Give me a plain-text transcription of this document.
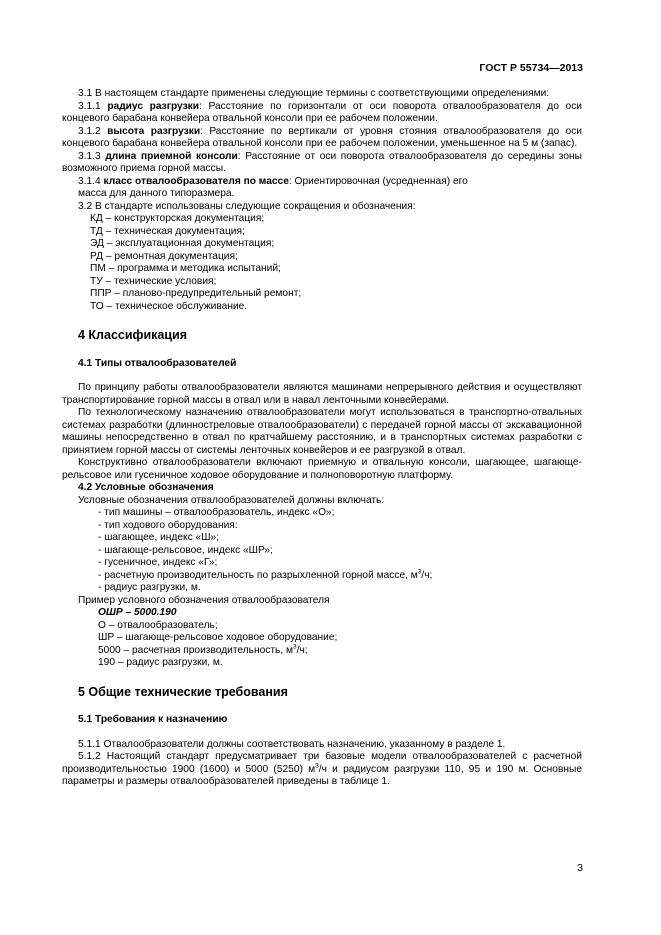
ГОСТ Р 55734—2013

3.1 В настоящем стандарте применены следующие термины с соответствующими определениями:

3.1.1 радиус разгрузки: Расстояние по горизонтали от оси поворота отвалообразователя до оси концевого барабана конвейера отвальной консоли при ее рабочем положении.

3.1.2 высота разгрузки: Расстояние по вертикали от уровня стояния отвалообразователя до оси концевого барабана конвейера отвальной консоли при ее рабочем положении, уменьшенное на 5 м (запас).

3.1.3 длина приемной консоли: Расстояние от оси поворота отвалообразователя до середины зоны возможного приема горной массы.

3.1.4 класс отвалообразователя по массе: Ориентировочная (усредненная) его

масса для данного типоразмера.

3.2 В стандарте использованы следующие сокращения и обозначения:

КД – конструкторская документация;

ТД – техническая документация;

ЭД – эксплуатационная документация;

РД – ремонтная документация;

ПМ – программа и методика испытаний;

ТУ – технические условия;

ППР – планово-предупредительный ремонт;

ТО – техническое обслуживание.

4 Классификация
4.1 Типы отвалообразователей

По принципу работы отвалообразователи являются машинами непрерывного действия и осуществляют транспортирование горной массы в отвал или в навал ленточными конвейерами.

По технологическому назначению отвалообразователи могут использоваться в транспортно-отвальных системах разработки (длинностреловые отвалообразователи) с передачей горной массы от экскавационной машины непосредственно в отвал по кратчайшему расстоянию, и в транспортных системах разработки с принятием горной массы от системы ленточных конвейеров и ее разгрузкой в отвал.

Конструктивно отвалообразователи включают приемную и отвальную консоли, шагающее, шагающе-рельсовое или гусеничное ходовое оборудование и полноповоротную платформу.

4.2 Условные обозначения

Условные обозначения отвалообразователей должны включать:

- тип машины – отвалообразователь, индекс «О»;

- тип ходового оборудования:

- шагающее, индекс «Ш»;

- шагающе-рельсовое, индекс «ШР»;

- гусеничное, индекс «Г»;

- расчетную производительность по разрыхленной горной массе, $м^3/ч$;

- радиус разгрузки, м.

Пример условного обозначения отвалообразователя

ОШР – 5000.190

О – отвалообразователь;

ШР – шагающе-рельсовое ходовое оборудование;

5000 – расчетная производительность, $м^3/ч$;

190 – радиус разгрузки, м.

5 Общие технические требования
5.1 Требования к назначению

5.1.1 Отвалообразователи должны соответствовать назначению, указанному в разделе 1.

5.1.2 Настоящий стандарт предусматривает три базовые модели отвалообразователей с расчетной производительностью 1900 (1600) и 5000 (5250) $м^3/ч$ и радиусом разгрузки 110, 95 и 190 м. Основные параметры и размеры отвалообразователей приведены в таблице 1.

3
